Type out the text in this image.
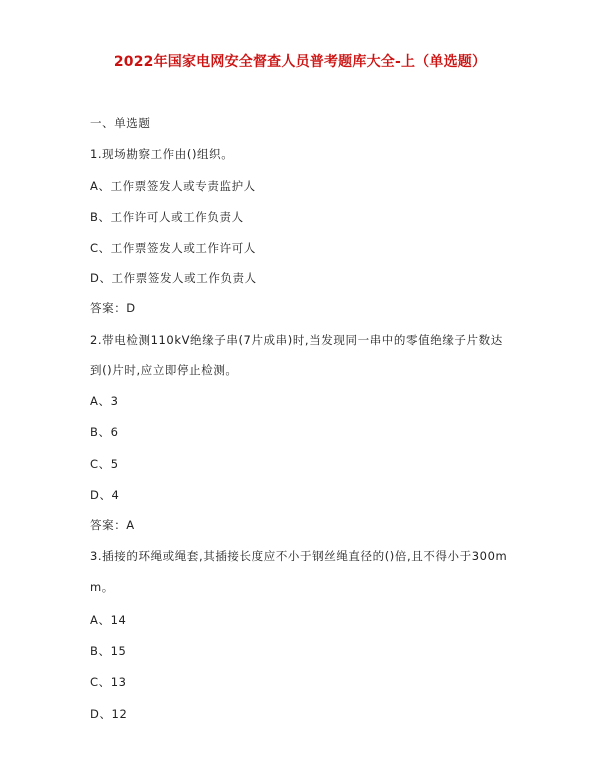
2022年国家电网安全督查人员普考题库大全-上（单选题）
一、单选题
1.现场勘察工作由()组织。
A、工作票签发人或专责监护人
B、工作许可人或工作负责人
C、工作票签发人或工作许可人
D、工作票签发人或工作负责人
答案：D
2.带电检测110kV绝缘子串(7片成串)时,当发现同一串中的零值绝缘子片数达
到()片时,应立即停止检测。
A、3
B、6
C、5
D、4
答案：A
3.插接的环绳或绳套,其插接长度应不小于钢丝绳直径的()倍,且不得小于300m
m。
A、14
B、15
C、13
D、12
